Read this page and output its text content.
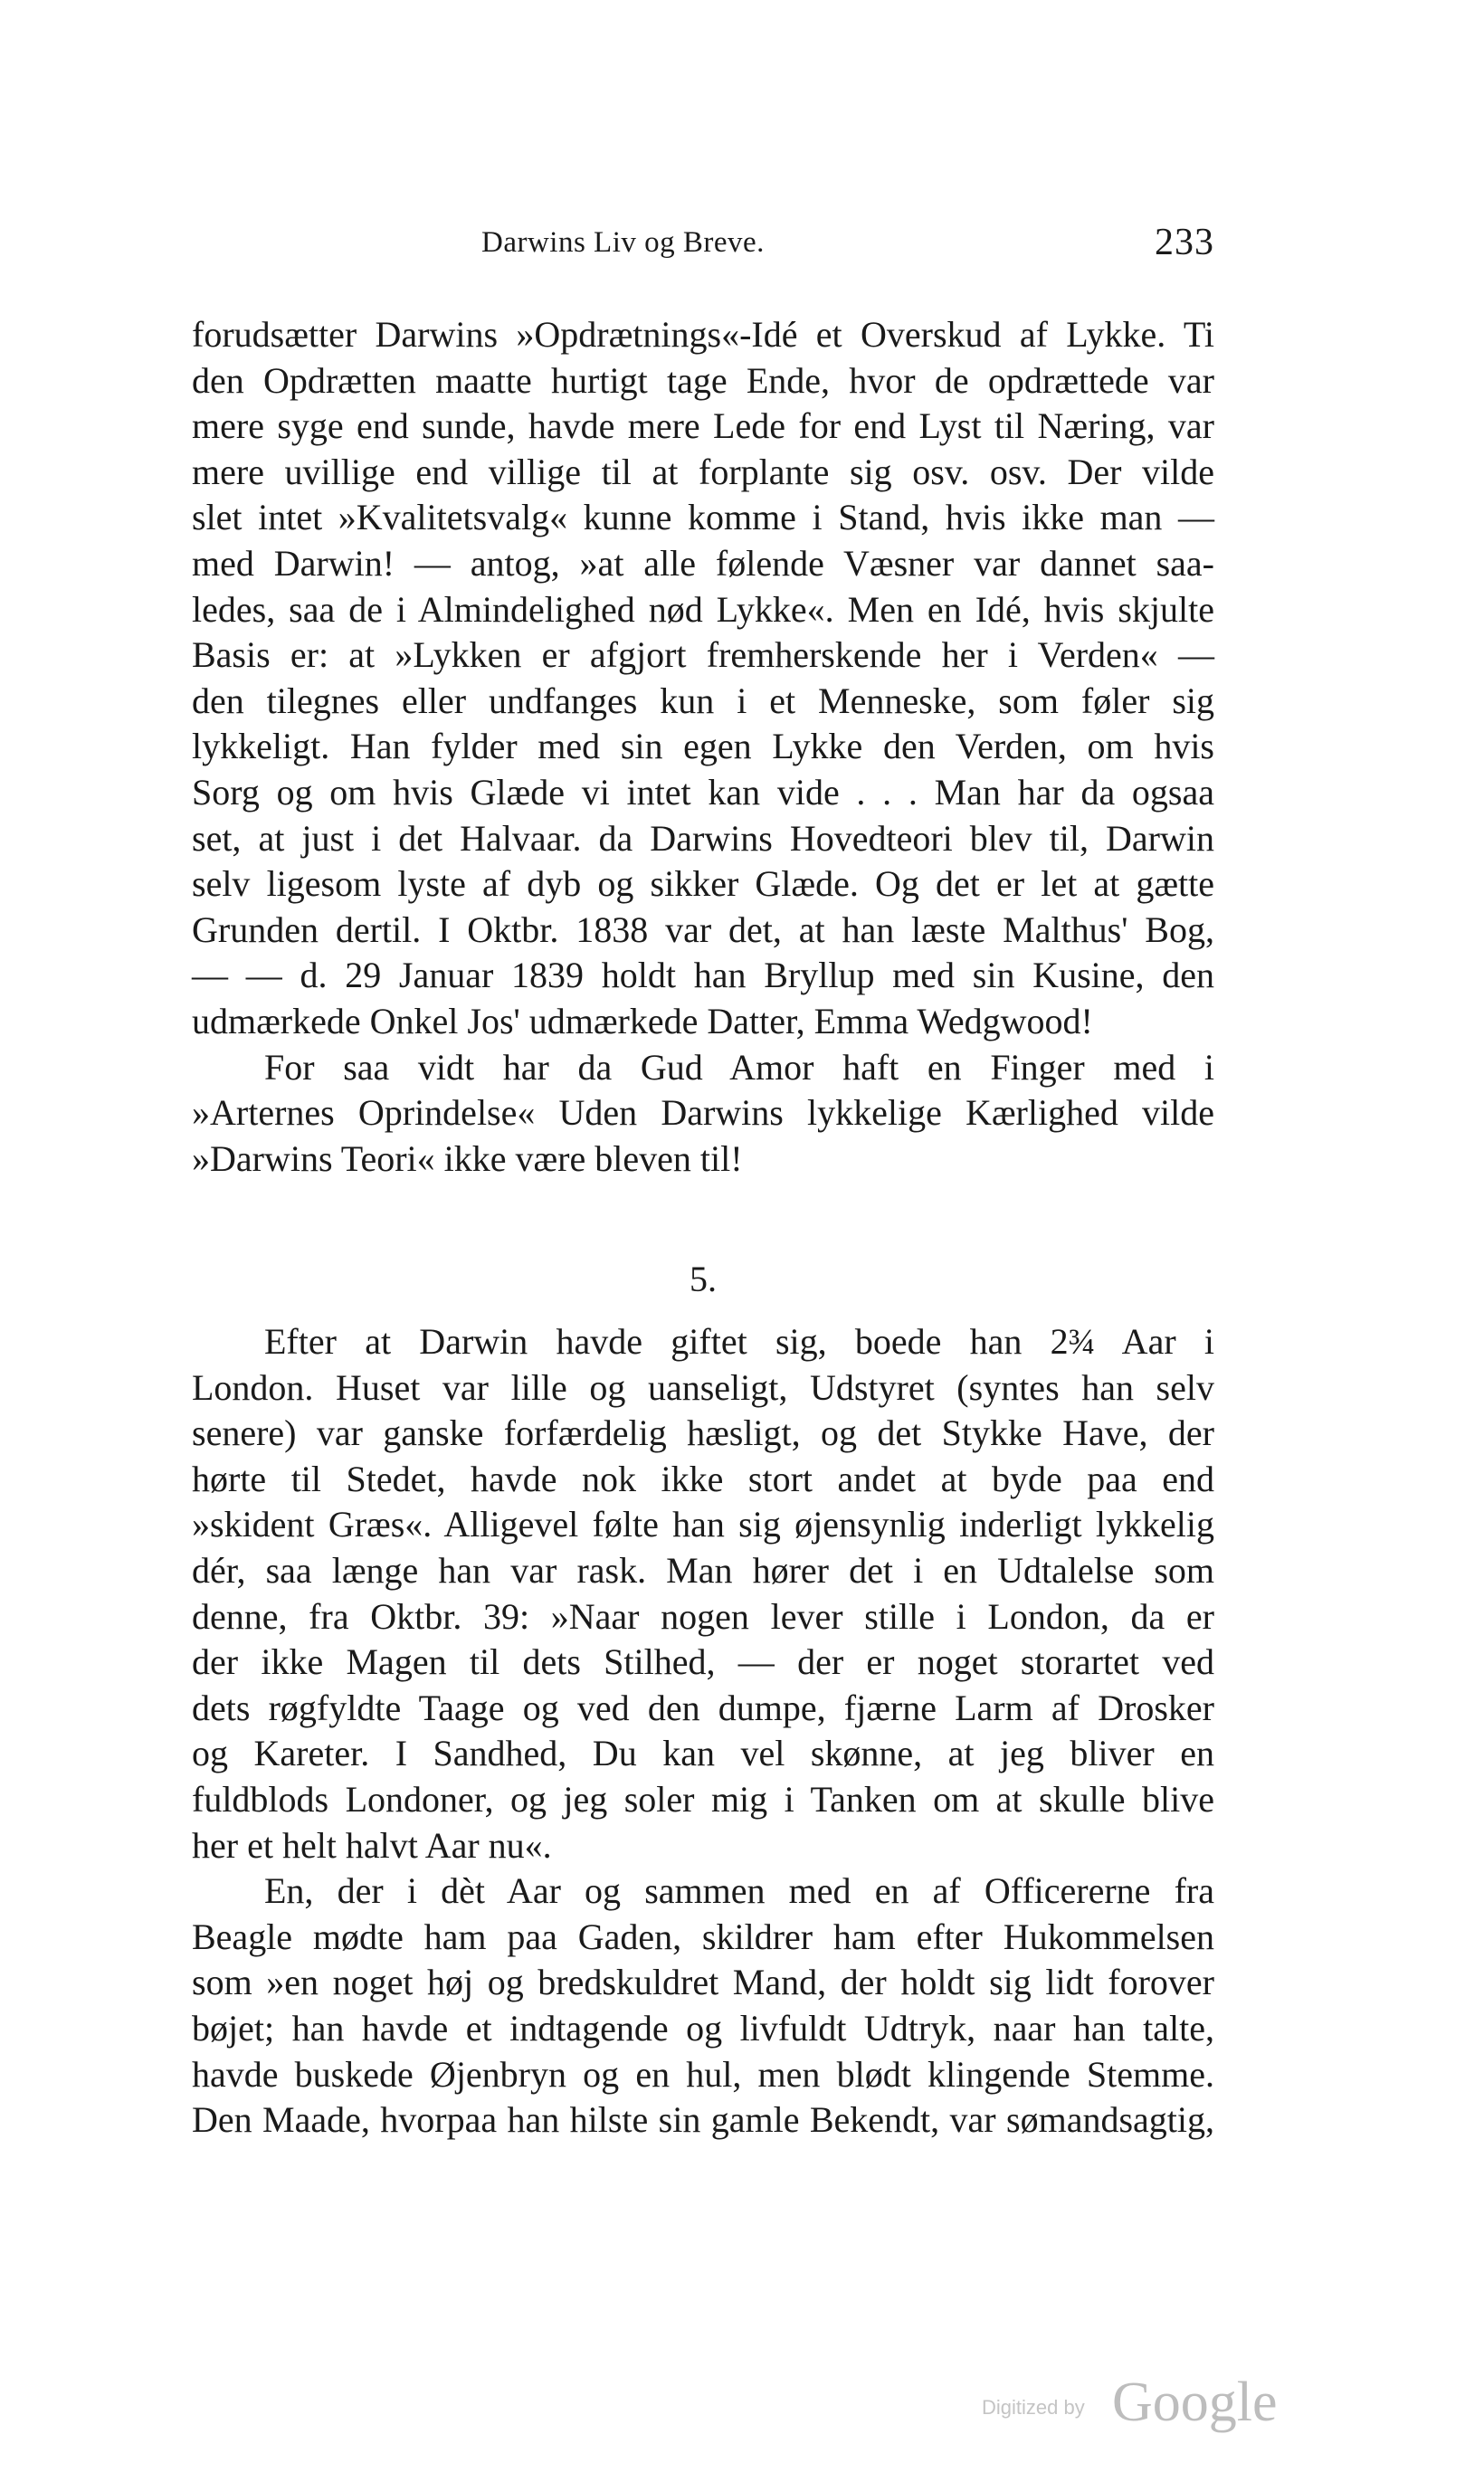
Darwins Liv og Breve.	233
forudsætter Darwins »Opdrætnings«-Idé et Overskud af Lykke. Ti
den Opdrætten maatte hurtigt tage Ende, hvor de opdrættede var
mere syge end sunde, havde mere Lede for end Lyst til Næring, var
mere uvillige end villige til at forplante sig osv. osv. Der vilde
slet intet »Kvalitetsvalg« kunne komme i Stand, hvis ikke man —
med Darwin! — antog, »at alle følende Væsner var dannet saa-
ledes, saa de i Almindelighed nød Lykke«. Men en Idé, hvis skjulte
Basis er: at »Lykken er afgjort fremherskende her i Verden« —
den tilegnes eller undfanges kun i et Menneske, som føler sig
lykkeligt. Han fylder med sin egen Lykke den Verden, om hvis
Sorg og om hvis Glæde vi intet kan vide . . . Man har da ogsaa
set, at just i det Halvaar. da Darwins Hovedteori blev til, Darwin
selv ligesom lyste af dyb og sikker Glæde. Og det er let at gætte
Grunden dertil. I Oktbr. 1838 var det, at han læste Malthus' Bog,
— — d. 29 Januar 1839 holdt han Bryllup med sin Kusine, den
udmærkede Onkel Jos' udmærkede Datter, Emma Wedgwood!
For saa vidt har da Gud Amor haft en Finger med i
»Arternes Oprindelse« Uden Darwins lykkelige Kærlighed vilde
»Darwins Teori« ikke være bleven til!
5.
Efter at Darwin havde giftet sig, boede han 2¾ Aar i
London. Huset var lille og uanseligt, Udstyret (syntes han selv
senere) var ganske forfærdelig hæsligt, og det Stykke Have, der
hørte til Stedet, havde nok ikke stort andet at byde paa end
»skident Græs«. Alligevel følte han sig øjensynlig inderligt lykkelig
dér, saa længe han var rask. Man hører det i en Udtalelse som
denne, fra Oktbr. 39: »Naar nogen lever stille i London, da er
der ikke Magen til dets Stilhed, — der er noget storartet ved
dets røgfyldte Taage og ved den dumpe, fjærne Larm af Drosker
og Kareter. I Sandhed, Du kan vel skønne, at jeg bliver en
fuldblods Londoner, og jeg soler mig i Tanken om at skulle blive
her et helt halvt Aar nu«.
En, der i dèt Aar og sammen med en af Officererne fra
Beagle mødte ham paa Gaden, skildrer ham efter Hukommelsen
som »en noget høj og bredskuldret Mand, der holdt sig lidt forover
bøjet; han havde et indtagende og livfuldt Udtryk, naar han talte,
havde buskede Øjenbryn og en hul, men blødt klingende Stemme.
Den Maade, hvorpaa han hilste sin gamle Bekendt, var sømandsagtig,
Digitized by Google
